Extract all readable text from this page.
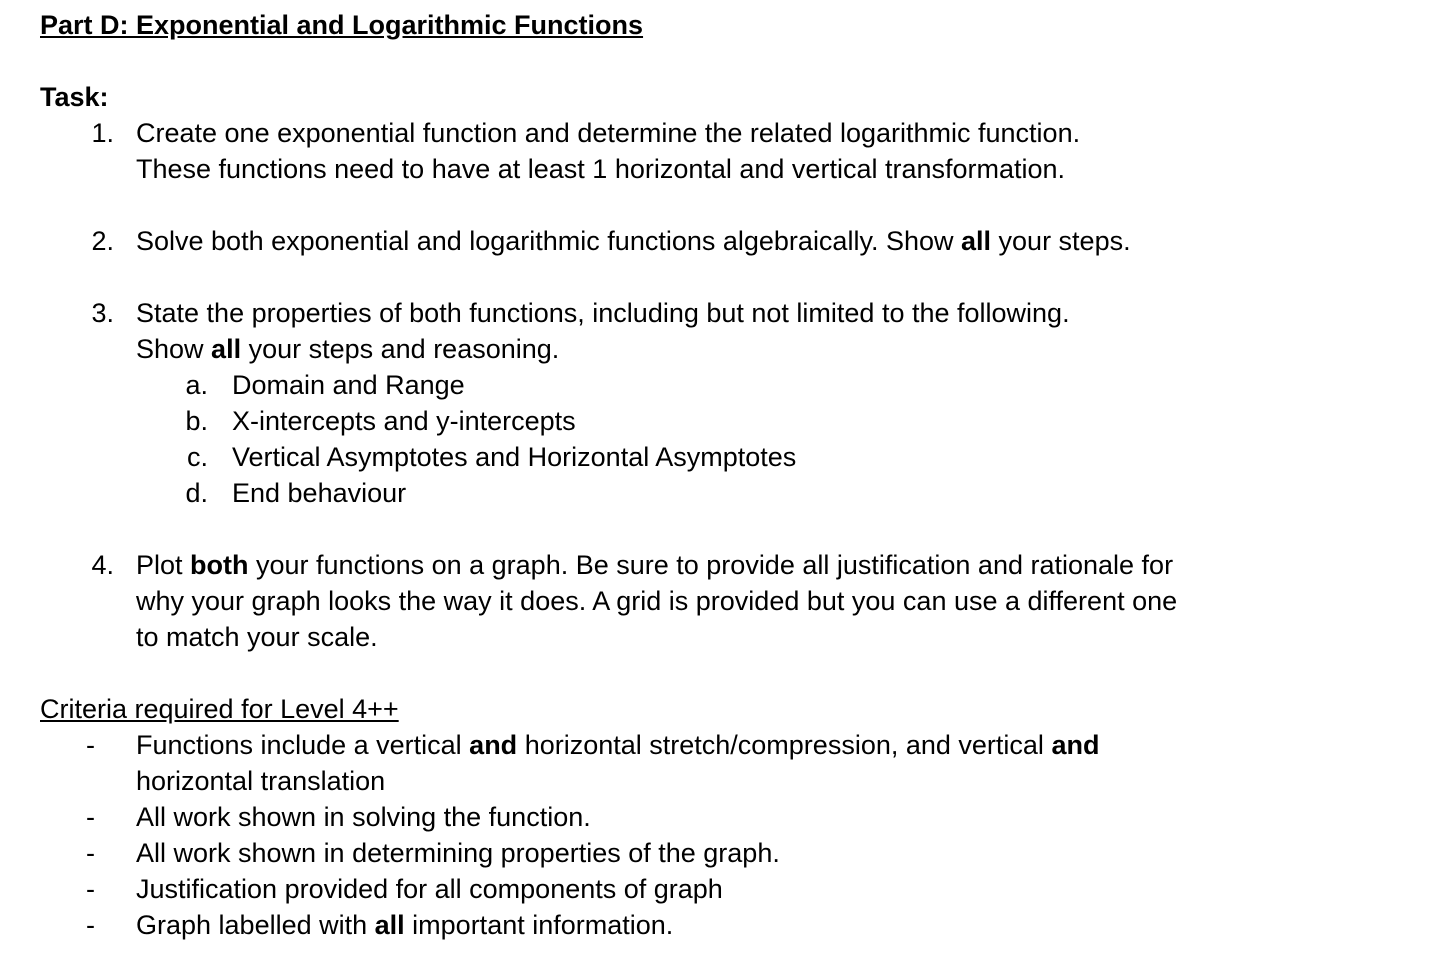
Part D: Exponential and Logarithmic Functions
Task:
1. Create one exponential function and determine the related logarithmic function.
These functions need to have at least 1 horizontal and vertical transformation.
2. Solve both exponential and logarithmic functions algebraically. Show all your steps.
3. State the properties of both functions, including but not limited to the following.
Show all your steps and reasoning.
a. Domain and Range
b. X-intercepts and y-intercepts
c. Vertical Asymptotes and Horizontal Asymptotes
d. End behaviour
4. Plot both your functions on a graph. Be sure to provide all justification and rationale for
why your graph looks the way it does. A grid is provided but you can use a different one
to match your scale.
Criteria required for Level 4++
- Functions include a vertical and horizontal stretch/compression, and vertical and
horizontal translation
- All work shown in solving the function.
- All work shown in determining properties of the graph.
- Justification provided for all components of graph
- Graph labelled with all important information.
